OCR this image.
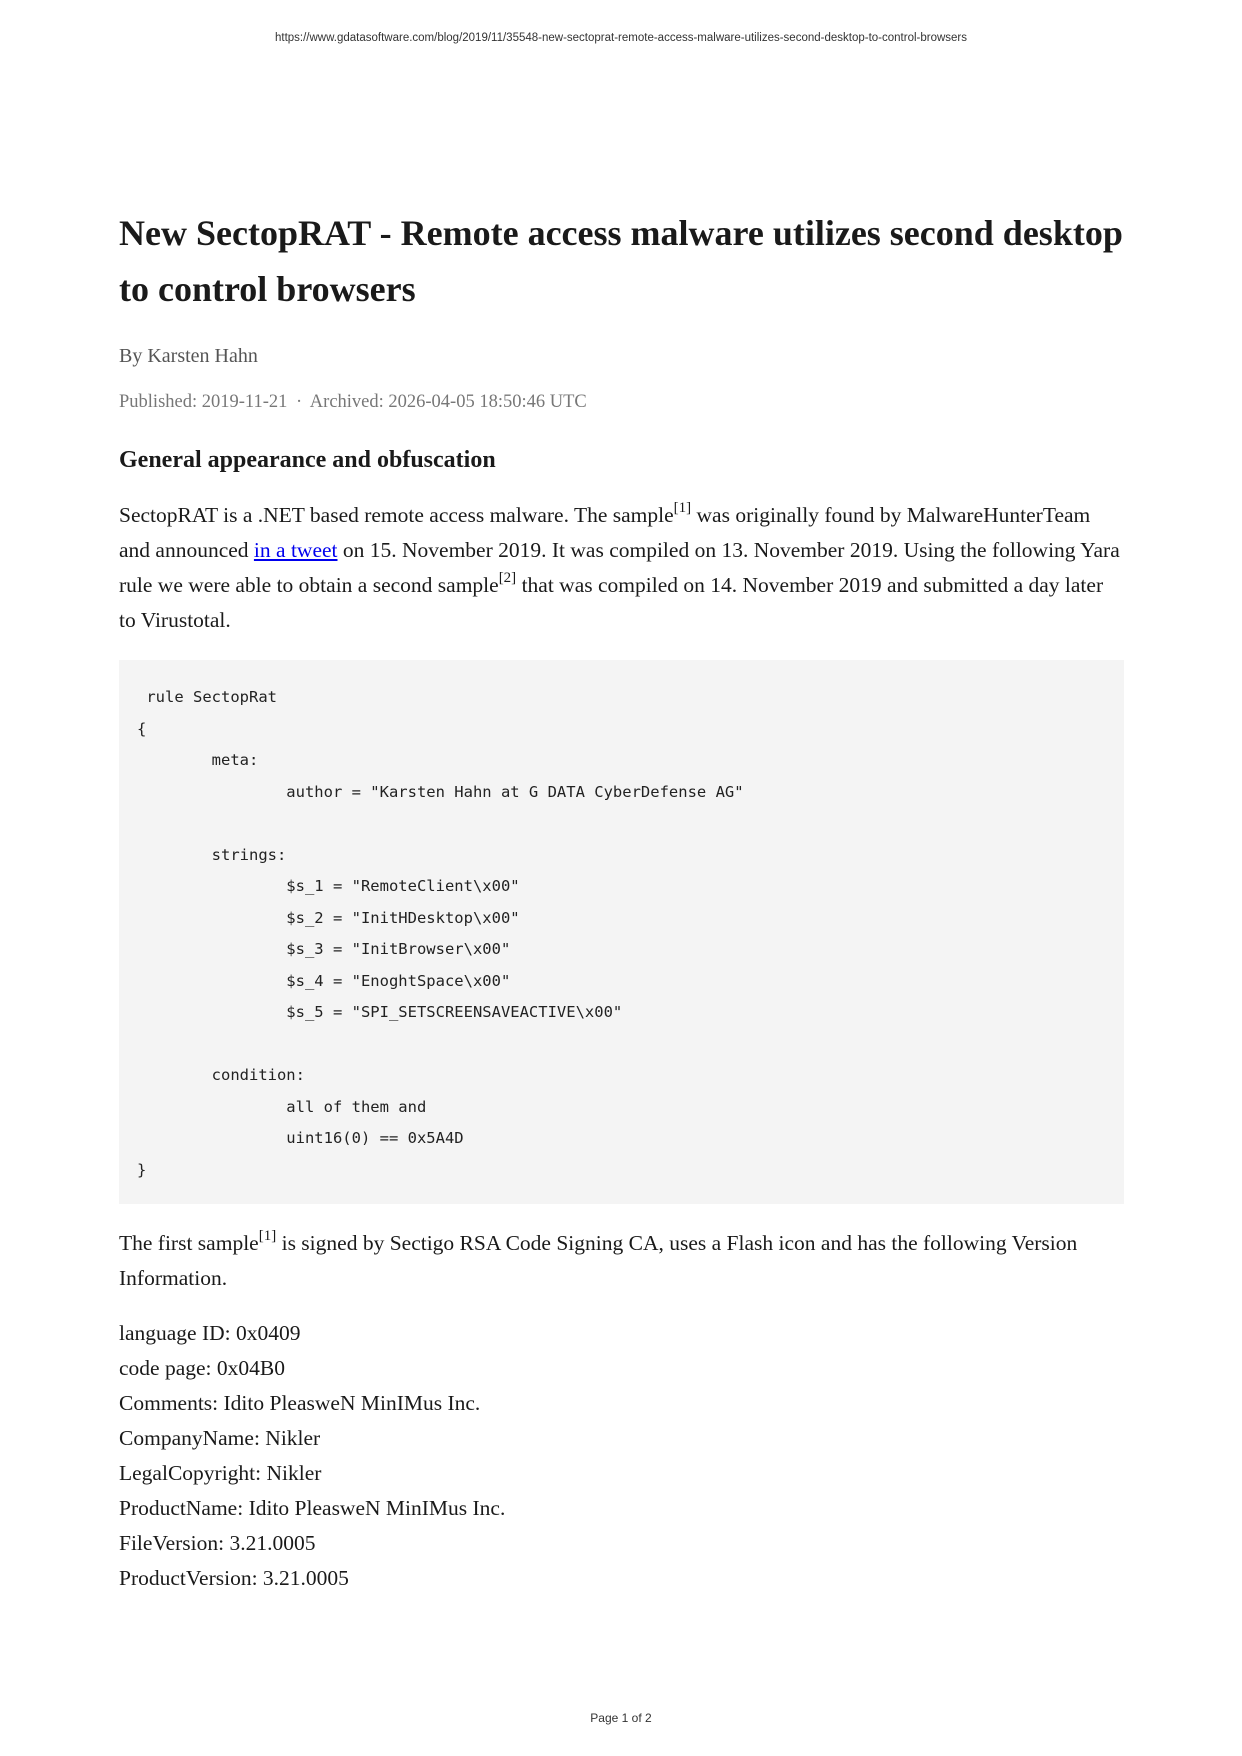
https://www.gdatasoftware.com/blog/2019/11/35548-new-sectoprat-remote-access-malware-utilizes-second-desktop-to-control-browsers
New SectopRAT - Remote access malware utilizes second desktop to control browsers
By Karsten Hahn
Published: 2019-11-21 · Archived: 2026-04-05 18:50:46 UTC
General appearance and obfuscation

SectopRAT is a .NET based remote access malware. The sample[1] was originally found by MalwareHunterTeam and announced in a tweet on 15. November 2019. It was compiled on 13. November 2019. Using the following Yara rule we were able to obtain a second sample[2] that was compiled on 14. November 2019 and submitted a day later to Virustotal.

rule SectopRat
{
meta:
author = "Karsten Hahn at G DATA CyberDefense AG"

strings:
$s_1 = "RemoteClient\x00"
$s_2 = "InitHDesktop\x00"
$s_3 = "InitBrowser\x00"
$s_4 = "EnoghtSpace\x00"
$s_5 = "SPI_SETSCREENSAVEACTIVE\x00"

condition:
all of them and
uint16(0) == 0x5A4D
}

The first sample[1] is signed by Sectigo RSA Code Signing CA, uses a Flash icon and has the following Version Information.

language ID: 0x0409
code page: 0x04B0
Comments: Idito PleasweN MinIMus Inc.
CompanyName: Nikler
LegalCopyright: Nikler
ProductName: Idito PleasweN MinIMus Inc.
FileVersion: 3.21.0005
ProductVersion: 3.21.0005
Page 1 of 2
